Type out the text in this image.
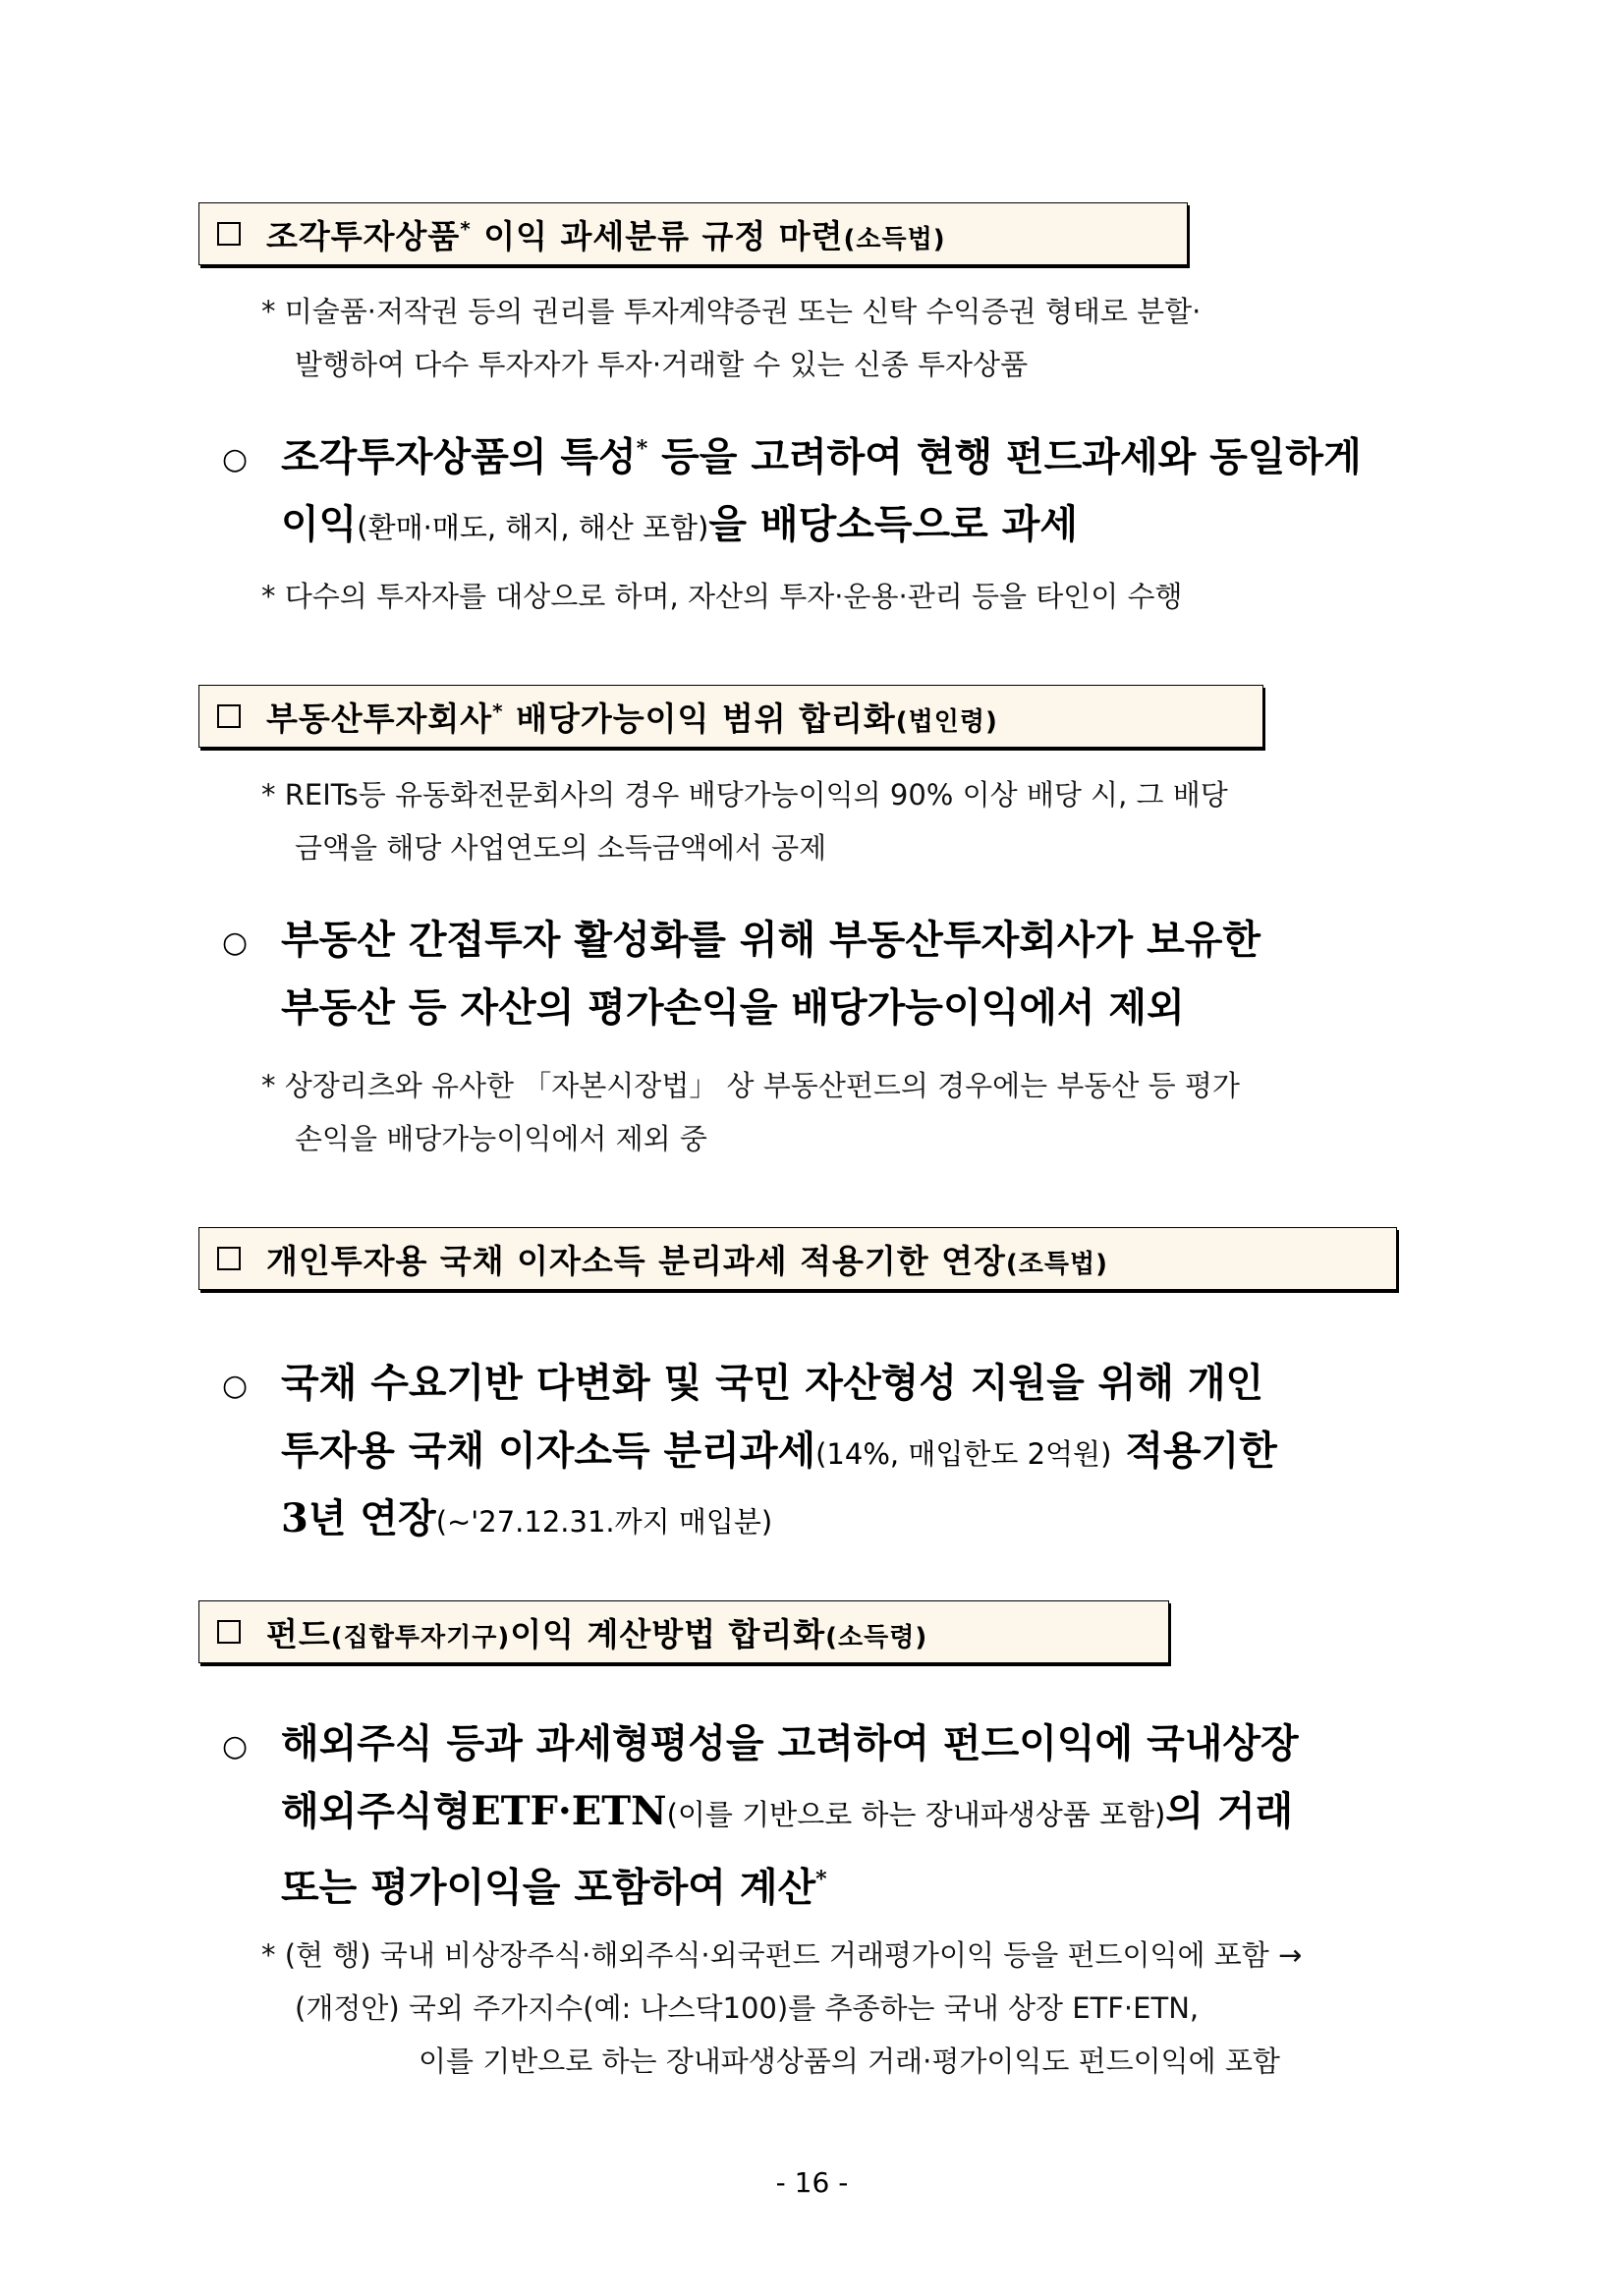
조각투자상품* 이익 과세분류 규정 마련(소득법)
* 미술품·저작권 등의 권리를 투자계약증권 또는 신탁 수익증권 형태로 분할·
발행하여 다수 투자자가 투자·거래할 수 있는 신종 투자상품
○ 조각투자상품의 특성* 등을 고려하여 현행 펀드과세와 동일하게
이익(환매·매도, 해지, 해산 포함)을 배당소득으로 과세
* 다수의 투자자를 대상으로 하며, 자산의 투자·운용·관리 등을 타인이 수행
부동산투자회사* 배당가능이익 범위 합리화(법인령)
* REITs등 유동화전문회사의 경우 배당가능이익의 90% 이상 배당 시, 그 배당
금액을 해당 사업연도의 소득금액에서 공제
○ 부동산 간접투자 활성화를 위해 부동산투자회사가 보유한
부동산 등 자산의 평가손익을 배당가능이익에서 제외
* 상장리츠와 유사한 「자본시장법」 상 부동산펀드의 경우에는 부동산 등 평가
손익을 배당가능이익에서 제외 중
개인투자용 국채 이자소득 분리과세 적용기한 연장(조특법)
○ 국채 수요기반 다변화 및 국민 자산형성 지원을 위해 개인
투자용 국채 이자소득 분리과세(14%, 매입한도 2억원) 적용기한
3년 연장(~'27.12.31.까지 매입분)
펀드(집합투자기구)이익 계산방법 합리화(소득령)
○ 해외주식 등과 과세형평성을 고려하여 펀드이익에 국내상장
해외주식형ETF·ETN(이를 기반으로 하는 장내파생상품 포함)의 거래
또는 평가이익을 포함하여 계산*
* (현 행) 국내 비상장주식·해외주식·외국펀드 거래평가이익 등을 펀드이익에 포함 →
(개정안) 국외 주가지수(예: 나스닥100)를 추종하는 국내 상장 ETF·ETN,
이를 기반으로 하는 장내파생상품의 거래·평가이익도 펀드이익에 포함
- 16 -
